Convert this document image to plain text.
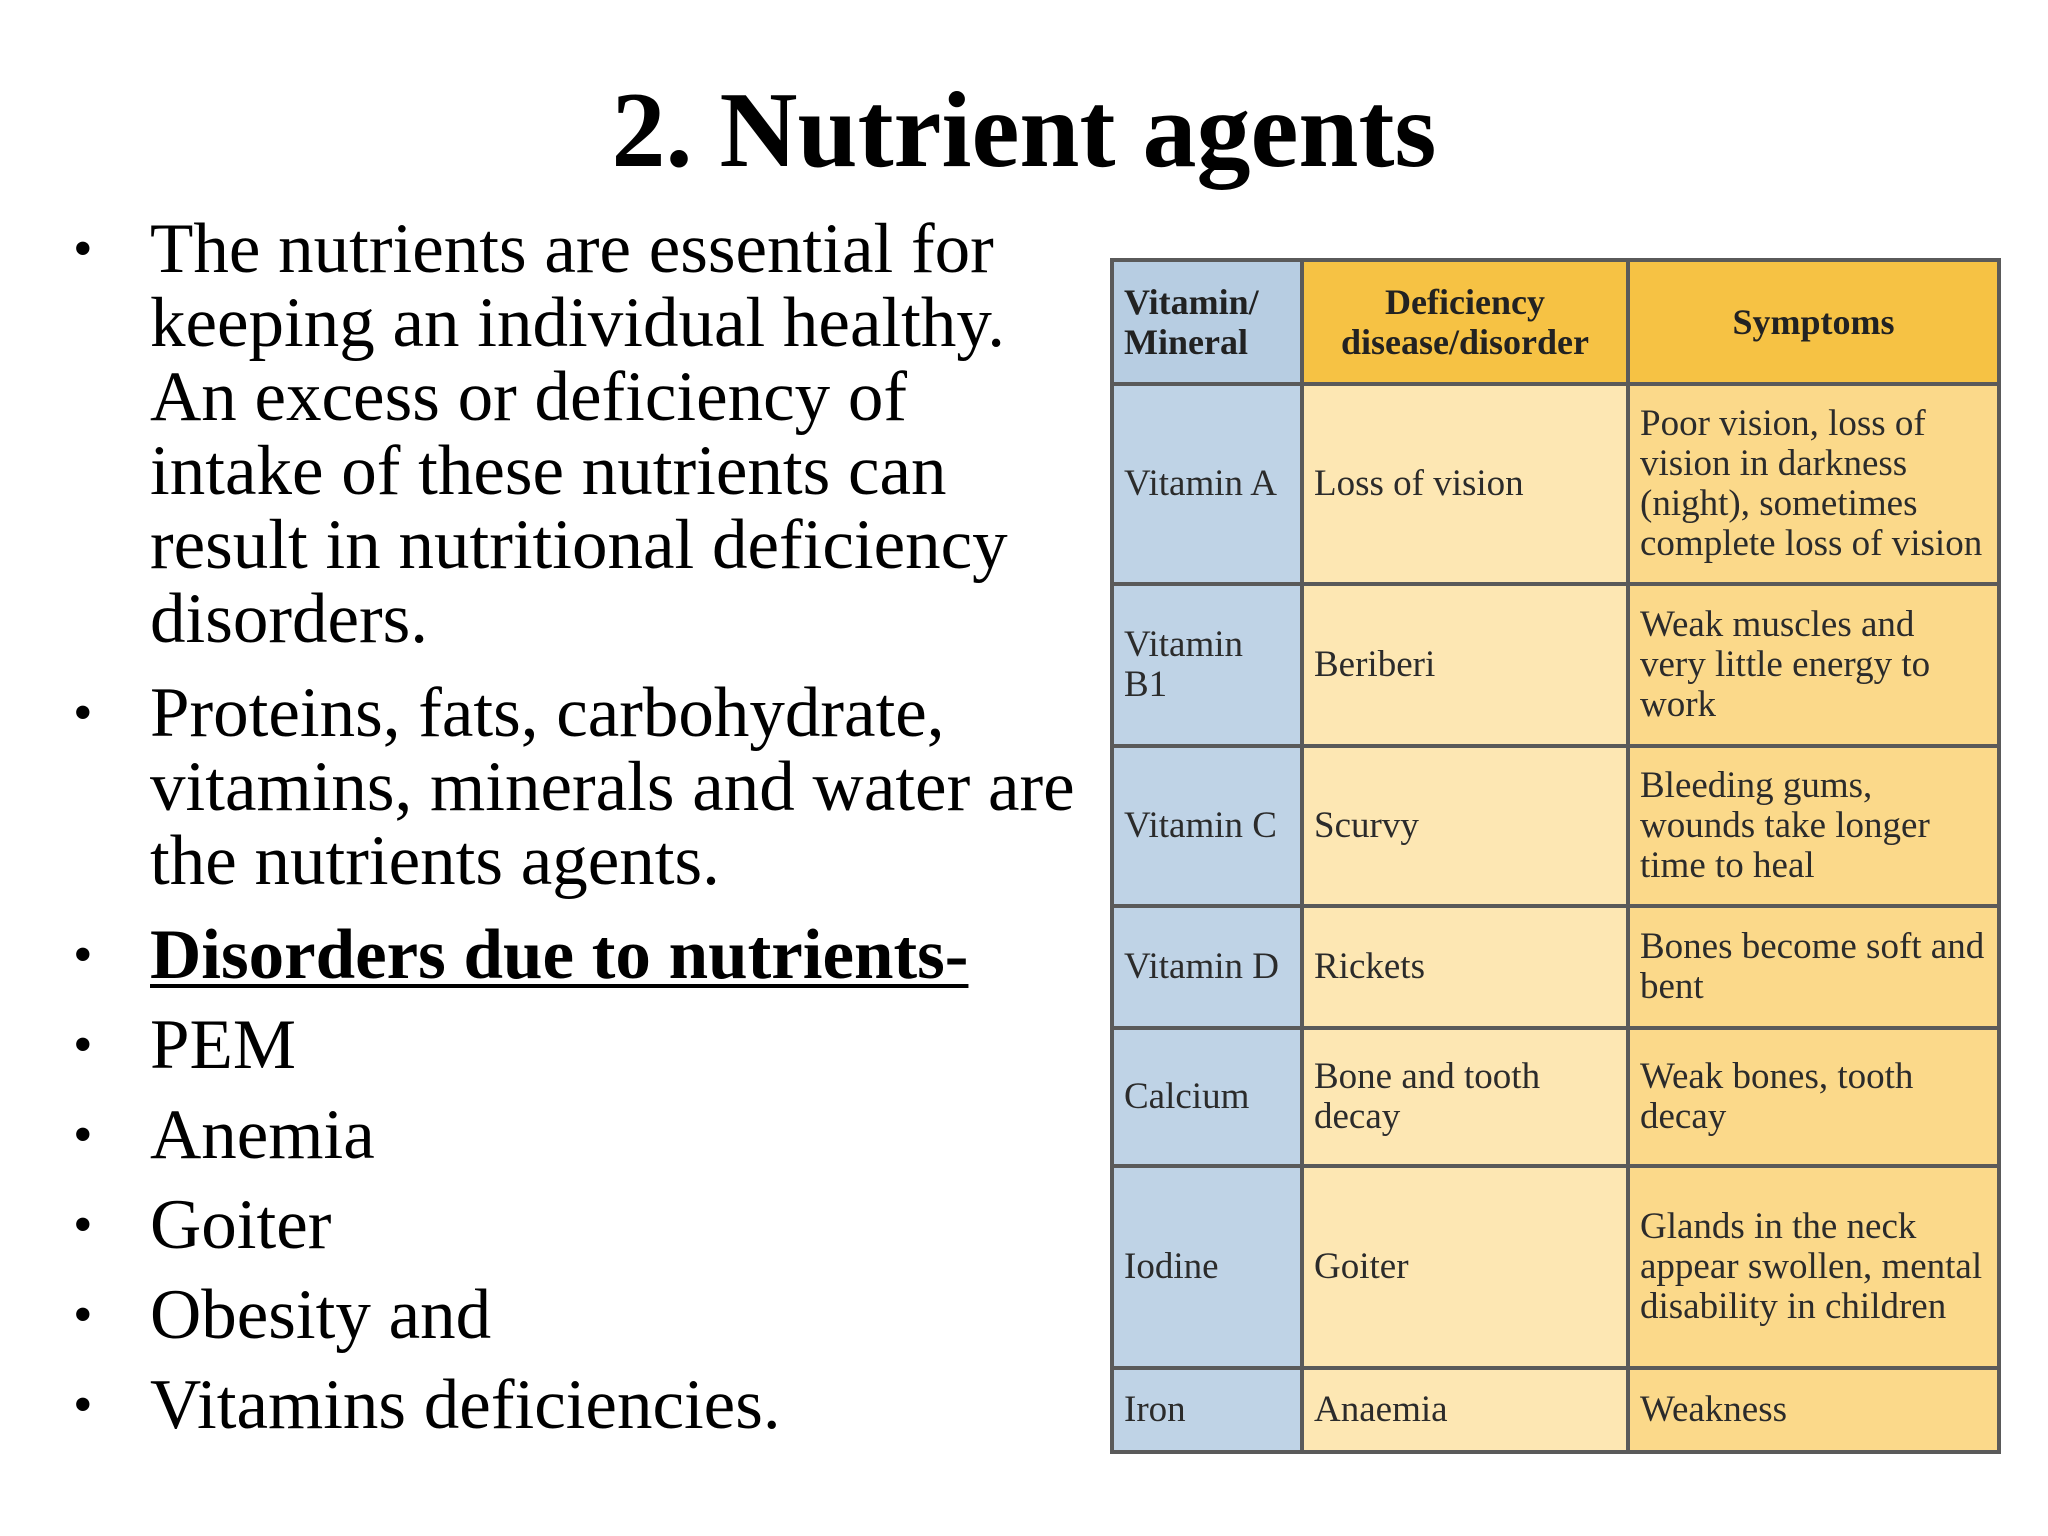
2. Nutrient agents
• The nutrients are essential for keeping an individual healthy. An excess or deficiency of intake of these nutrients can result in nutritional deficiency disorders.
• Proteins, fats, carbohydrate, vitamins, minerals and water are the nutrients agents.
• Disorders due to nutrients-
• PEM
• Anemia
• Goiter
• Obesity and
• Vitamins deficiencies.
Vitamin/ Mineral	Deficiency disease/disorder	Symptoms
Vitamin A	Loss of vision	Poor vision, loss of vision in darkness (night), sometimes complete loss of vision
Vitamin B1	Beriberi	Weak muscles and very little energy to work
Vitamin C	Scurvy	Bleeding gums, wounds take longer time to heal
Vitamin D	Rickets	Bones become soft and bent
Calcium	Bone and tooth decay	Weak bones, tooth decay
Iodine	Goiter	Glands in the neck appear swollen, mental disability in children
Iron	Anaemia	Weakness
